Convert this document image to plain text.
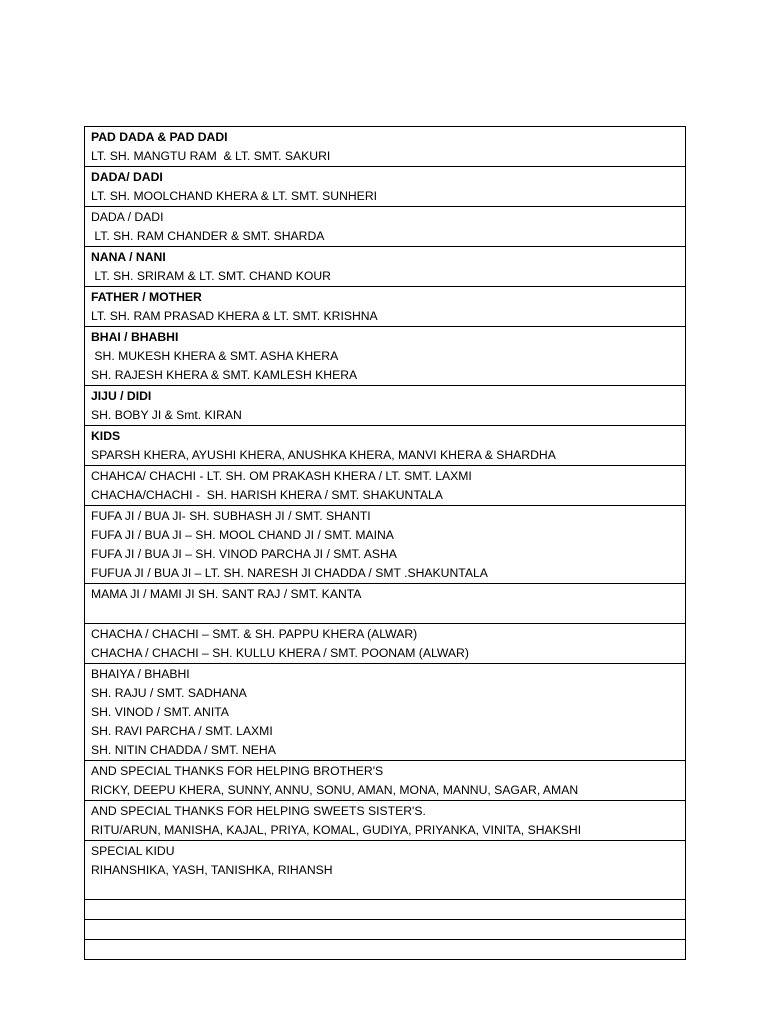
PAD DADA & PAD DADI
LT. SH. MANGTU RAM  & LT. SMT. SAKURI
DADA/ DADI
LT. SH. MOOLCHAND KHERA & LT. SMT. SUNHERI
DADA / DADI
LT. SH. RAM CHANDER & SMT. SHARDA
NANA / NANI
LT. SH. SRIRAM & LT. SMT. CHAND KOUR
FATHER / MOTHER
LT. SH. RAM PRASAD KHERA & LT. SMT. KRISHNA
BHAI / BHABHI
SH. MUKESH KHERA & SMT. ASHA KHERA
SH. RAJESH KHERA & SMT. KAMLESH KHERA
JIJU / DIDI
SH. BOBY JI & Smt. KIRAN
KIDS
SPARSH KHERA, AYUSHI KHERA, ANUSHKA KHERA, MANVI KHERA & SHARDHA
CHAHCA/ CHACHI - LT. SH. OM PRAKASH KHERA / LT. SMT. LAXMI
CHACHA/CHACHI -  SH. HARISH KHERA / SMT. SHAKUNTALA
FUFA JI / BUA JI- SH. SUBHASH JI / SMT. SHANTI
FUFA JI / BUA JI – SH. MOOL CHAND JI / SMT. MAINA
FUFA JI / BUA JI – SH. VINOD PARCHA JI / SMT. ASHA
FUFUA JI / BUA JI – LT. SH. NARESH JI CHADDA / SMT .SHAKUNTALA
MAMA JI / MAMI JI SH. SANT RAJ / SMT. KANTA
CHACHA / CHACHI – SMT. & SH. PAPPU KHERA (ALWAR)
CHACHA / CHACHI – SH. KULLU KHERA / SMT. POONAM (ALWAR)
BHAIYA / BHABHI
SH. RAJU / SMT. SADHANA
SH. VINOD / SMT. ANITA
SH. RAVI PARCHA / SMT. LAXMI
SH. NITIN CHADDA / SMT. NEHA
AND SPECIAL THANKS FOR HELPING BROTHER'S
RICKY, DEEPU KHERA, SUNNY, ANNU, SONU, AMAN, MONA, MANNU, SAGAR, AMAN
AND SPECIAL THANKS FOR HELPING SWEETS SISTER'S.
RITU/ARUN, MANISHA, KAJAL, PRIYA, KOMAL, GUDIYA, PRIYANKA, VINITA, SHAKSHI
SPECIAL KIDU
RIHANSHIKA, YASH, TANISHKA, RIHANSH
